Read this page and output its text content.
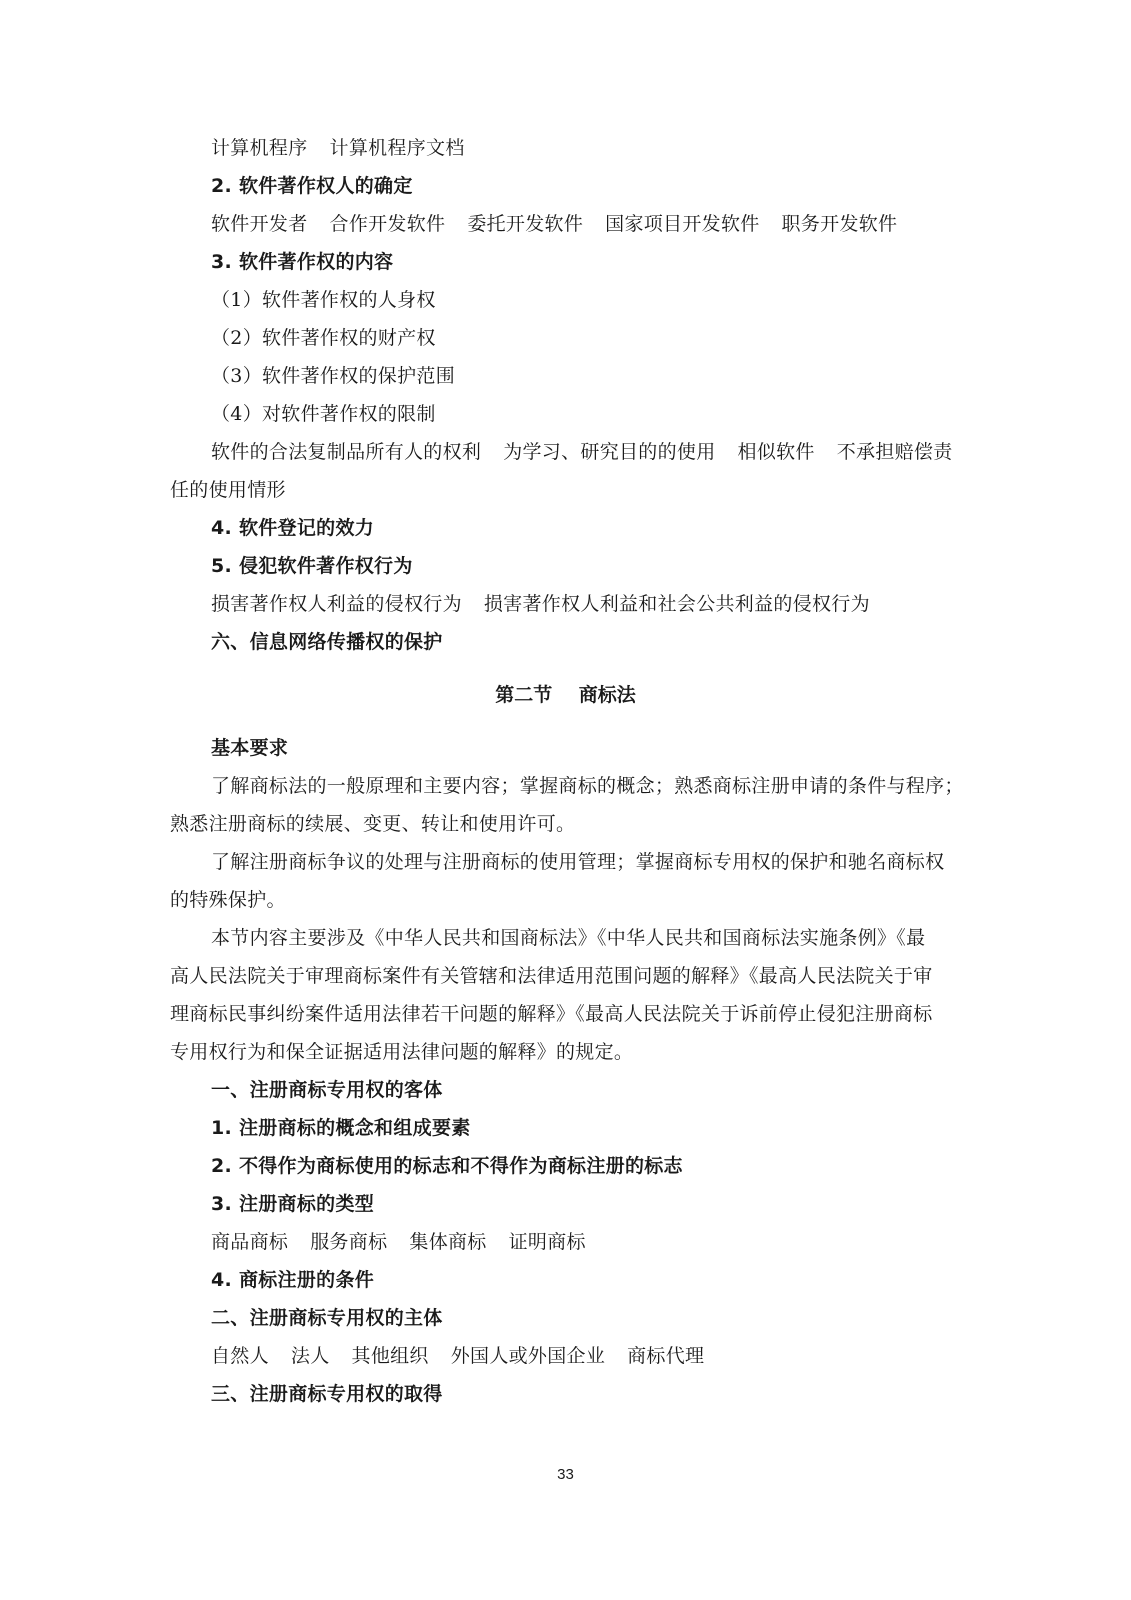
计算机程序 计算机程序文档
2. 软件著作权人的确定
软件开发者 合作开发软件 委托开发软件 国家项目开发软件 职务开发软件
3. 软件著作权的内容
（1）软件著作权的人身权
（2）软件著作权的财产权
（3）软件著作权的保护范围
（4）对软件著作权的限制
软件的合法复制品所有人的权利 为学习、研究目的的使用 相似软件 不承担赔偿责
任的使用情形
4. 软件登记的效力
5. 侵犯软件著作权行为
损害著作权人利益的侵权行为 损害著作权人利益和社会公共利益的侵权行为
六、信息网络传播权的保护
第二节    商标法
基本要求
了解商标法的一般原理和主要内容；掌握商标的概念；熟悉商标注册申请的条件与程序；
熟悉注册商标的续展、变更、转让和使用许可。
了解注册商标争议的处理与注册商标的使用管理；掌握商标专用权的保护和驰名商标权
的特殊保护。
本节内容主要涉及《中华人民共和国商标法》《中华人民共和国商标法实施条例》《最
高人民法院关于审理商标案件有关管辖和法律适用范围问题的解释》《最高人民法院关于审
理商标民事纠纷案件适用法律若干问题的解释》《最高人民法院关于诉前停止侵犯注册商标
专用权行为和保全证据适用法律问题的解释》的规定。
一、注册商标专用权的客体
1. 注册商标的概念和组成要素
2. 不得作为商标使用的标志和不得作为商标注册的标志
3. 注册商标的类型
商品商标 服务商标 集体商标 证明商标
4. 商标注册的条件
二、注册商标专用权的主体
自然人 法人 其他组织 外国人或外国企业 商标代理
三、注册商标专用权的取得
33
